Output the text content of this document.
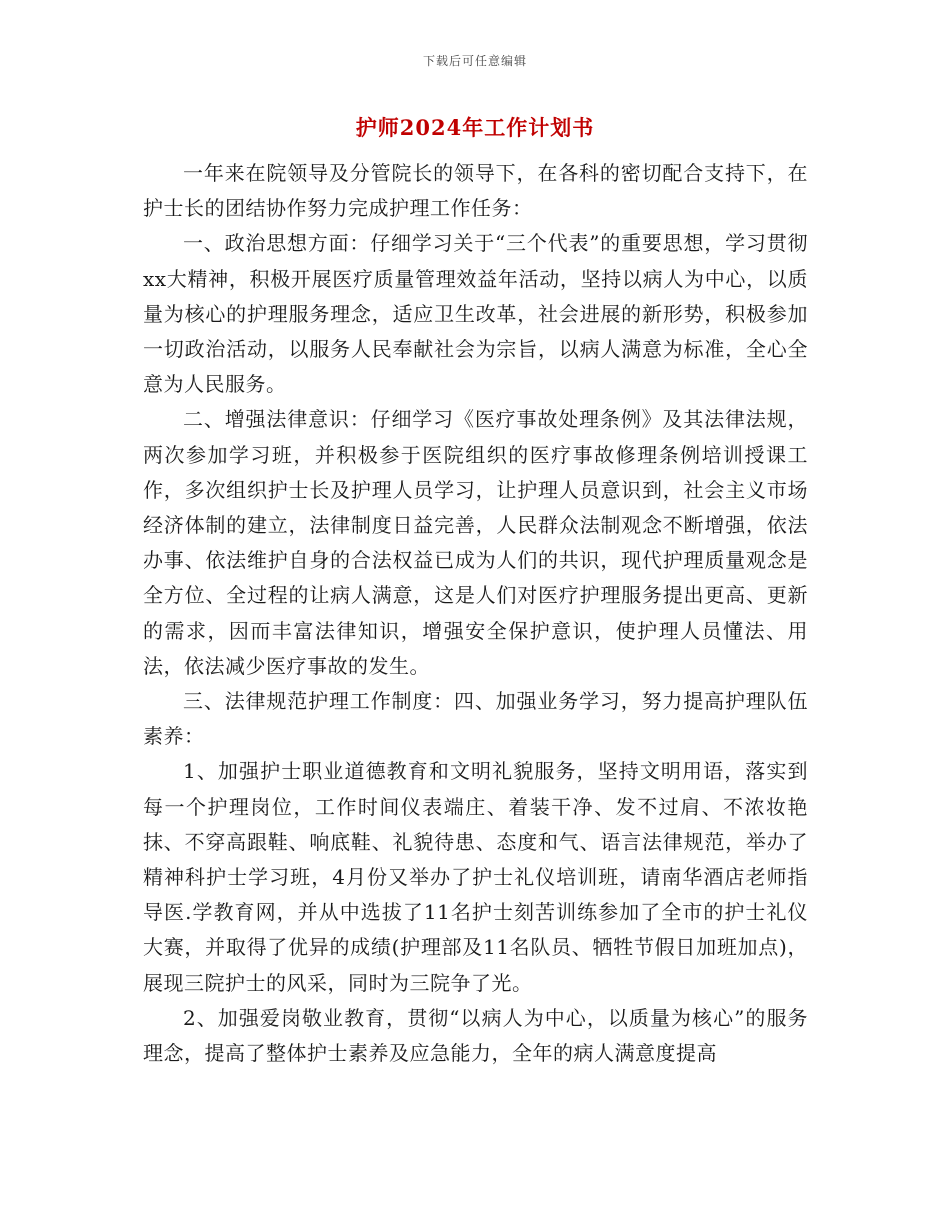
下载后可任意编辑
护师2024年工作计划书

一年来在院领导及分管院长的领导下，在各科的密切配合支持下，在护士长的团结协作努力完成护理工作任务：

一、政治思想方面：仔细学习关于“三个代表”的重要思想，学习贯彻xx大精神，积极开展医疗质量管理效益年活动，坚持以病人为中心，以质量为核心的护理服务理念，适应卫生改革，社会进展的新形势，积极参加一切政治活动，以服务人民奉献社会为宗旨，以病人满意为标准，全心全意为人民服务。

二、增强法律意识：仔细学习《医疗事故处理条例》及其法律法规，两次参加学习班，并积极参于医院组织的医疗事故修理条例培训授课工作，多次组织护士长及护理人员学习，让护理人员意识到，社会主义市场经济体制的建立，法律制度日益完善，人民群众法制观念不断增强，依法办事、依法维护自身的合法权益已成为人们的共识，现代护理质量观念是全方位、全过程的让病人满意，这是人们对医疗护理服务提出更高、更新的需求，因而丰富法律知识，增强安全保护意识，使护理人员懂法、用法，依法减少医疗事故的发生。

三、法律规范护理工作制度：四、加强业务学习，努力提高护理队伍素养：

1、加强护士职业道德教育和文明礼貌服务，坚持文明用语，落实到每一个护理岗位，工作时间仪表端庄、着装干净、发不过肩、不浓妆艳抹、不穿高跟鞋、响底鞋、礼貌待患、态度和气、语言法律规范，举办了精神科护士学习班，4月份又举办了护士礼仪培训班，请南华酒店老师指导医.学教育网，并从中选拔了11名护士刻苦训练参加了全市的护士礼仪大赛，并取得了优异的成绩(护理部及11名队员、牺牲节假日加班加点)，展现三院护士的风采，同时为三院争了光。

2、加强爱岗敬业教育，贯彻“以病人为中心，以质量为核心”的服务理念，提高了整体护士素养及应急能力，全年的病人满意度提高
